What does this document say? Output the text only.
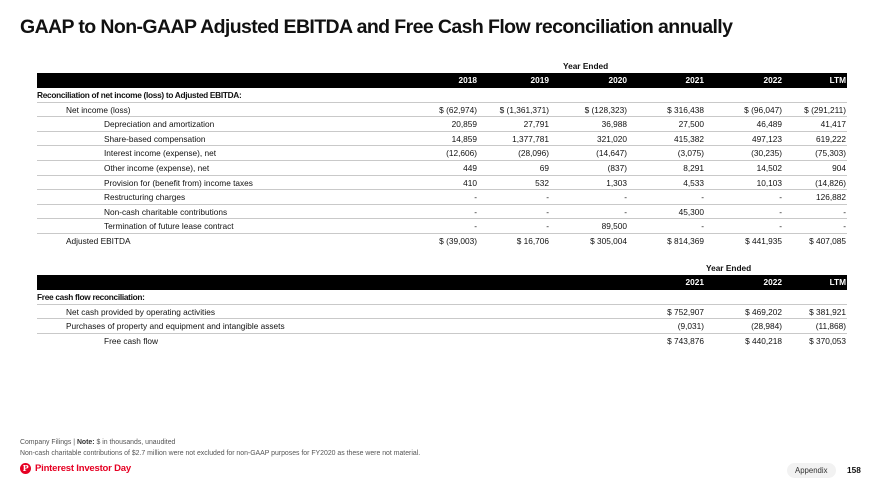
GAAP to Non-GAAP Adjusted EBITDA and Free Cash Flow reconciliation annually
Year Ended
2018	2019	2020	2021	2022	LTM
Reconciliation of net income (loss) to Adjusted EBITDA:
Net income (loss)	$ (62,974)	$ (1,361,371)	$ (128,323)	$ 316,438	$ (96,047)	$ (291,211)
Depreciation and amortization	20,859	27,791	36,988	27,500	46,489	41,417
Share-based compensation	14,859	1,377,781	321,020	415,382	497,123	619,222
Interest income (expense), net	(12,606)	(28,096)	(14,647)	(3,075)	(30,235)	(75,303)
Other income (expense), net	449	69	(837)	8,291	14,502	904
Provision for (benefit from) income taxes	410	532	1,303	4,533	10,103	(14,826)
Restructuring charges	-	-	-	-	-	126,882
Non-cash charitable contributions	-	-	-	45,300	-	-
Termination of future lease contract	-	-	89,500	-	-	-
Adjusted EBITDA	$ (39,003)	$ 16,706	$ 305,004	$ 814,369	$ 441,935	$ 407,085
Year Ended
2021	2022	LTM
Free cash flow reconciliation:
Net cash provided by operating activities	$ 752,907	$ 469,202	$ 381,921
Purchases of property and equipment and intangible assets	(9,031)	(28,984)	(11,868)
Free cash flow	$ 743,876	$ 440,218	$ 370,053
Company Filings | Note: $ in thousands, unaudited
Non-cash charitable contributions of $2.7 million were not excluded for non-GAAP purposes for FY2020 as these were not material.
P Pinterest Investor Day	Appendix	158
